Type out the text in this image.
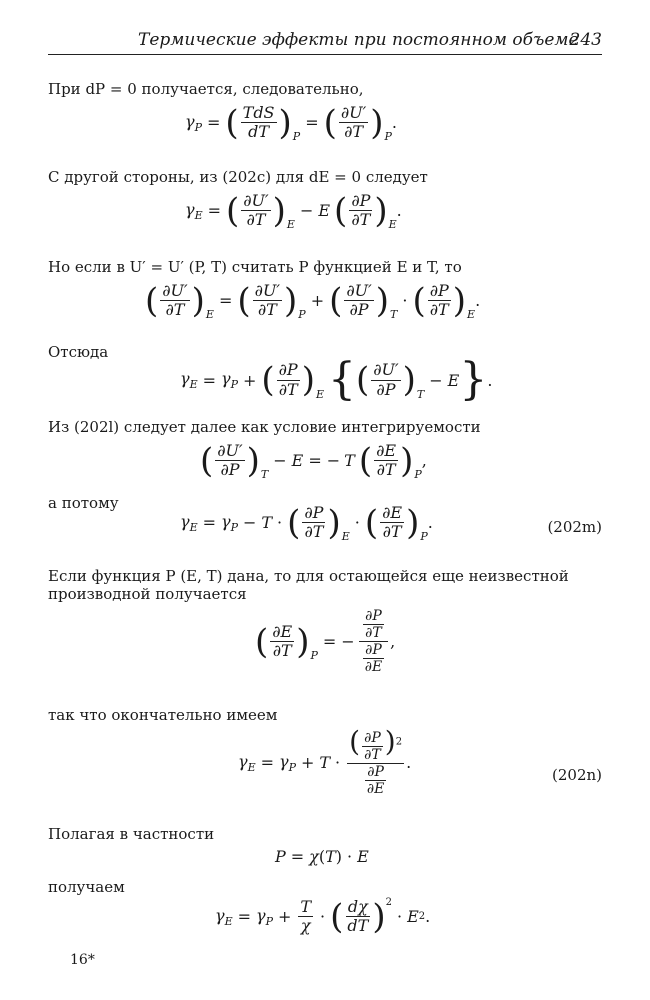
Термические эффекты при постоянном объеме
243
При dP = 0 получается, следовательно,
$\gamma_P$ = ( $\frac{\text{TdS}}{dT}$ ) P
= ( $\frac{\partial U'}{\partial T}$ ) P
.
С другой стороны, из (202c) для dE = 0 следует
$\gamma_E$ = ( $\frac{\partial U'}{\partial T}$ ) E
− E ( $\frac{\partial P}{\partial T}$ ) E
.
Но если в U′ = U′ (P, T) считать P функцией E и T, то
( $\frac{\partial U'}{\partial T}$ ) E
= ( $\frac{\partial U'}{\partial T}$ ) P
+ ( $\frac{\partial U'}{\partial P}$ ) T
· ( $\frac{\partial P}{\partial T}$ ) E
.
Отсюда
$\gamma_E = \gamma_P$ + ( $\frac{\partial P}{\partial T}$ ) E { ( $\frac{\partial U'}{\partial P}$ ) T
− E } .
Из (202l) следует далее как условие интегрируемости
( $\frac{\partial U'}{\partial P}$ ) T
− E = − T ( $\frac{\partial E}{\partial T}$ ) P
,
а потому
$\gamma_E = \gamma_P - T$ · ( $\frac{\partial P}{\partial T}$ ) E
· ( $\frac{\partial E}{\partial T}$ ) P
.	(202m)
Если функция P (E, T) дана, то для остающейся еще неизвестной
производной получается
( $\frac{\partial E}{\partial T}$ ) P
= − $\frac{\frac{\partial P}{\partial T}}{\frac{\partial P}{\partial E}}$ ,
так что окончательно имеем
$\gamma_E = \gamma_P + T \cdot \frac{( \frac{\partial P}{\partial T} )^2}{\frac{\partial P}{\partial E}}$ .
(202n)
Полагая в частности
P = χ ( T ) · E
получаем
$\gamma_E = \gamma_P + \frac{T}{\chi}$ · ( $\frac{d\chi}{dT} )^2$
· E 2 .
16*
